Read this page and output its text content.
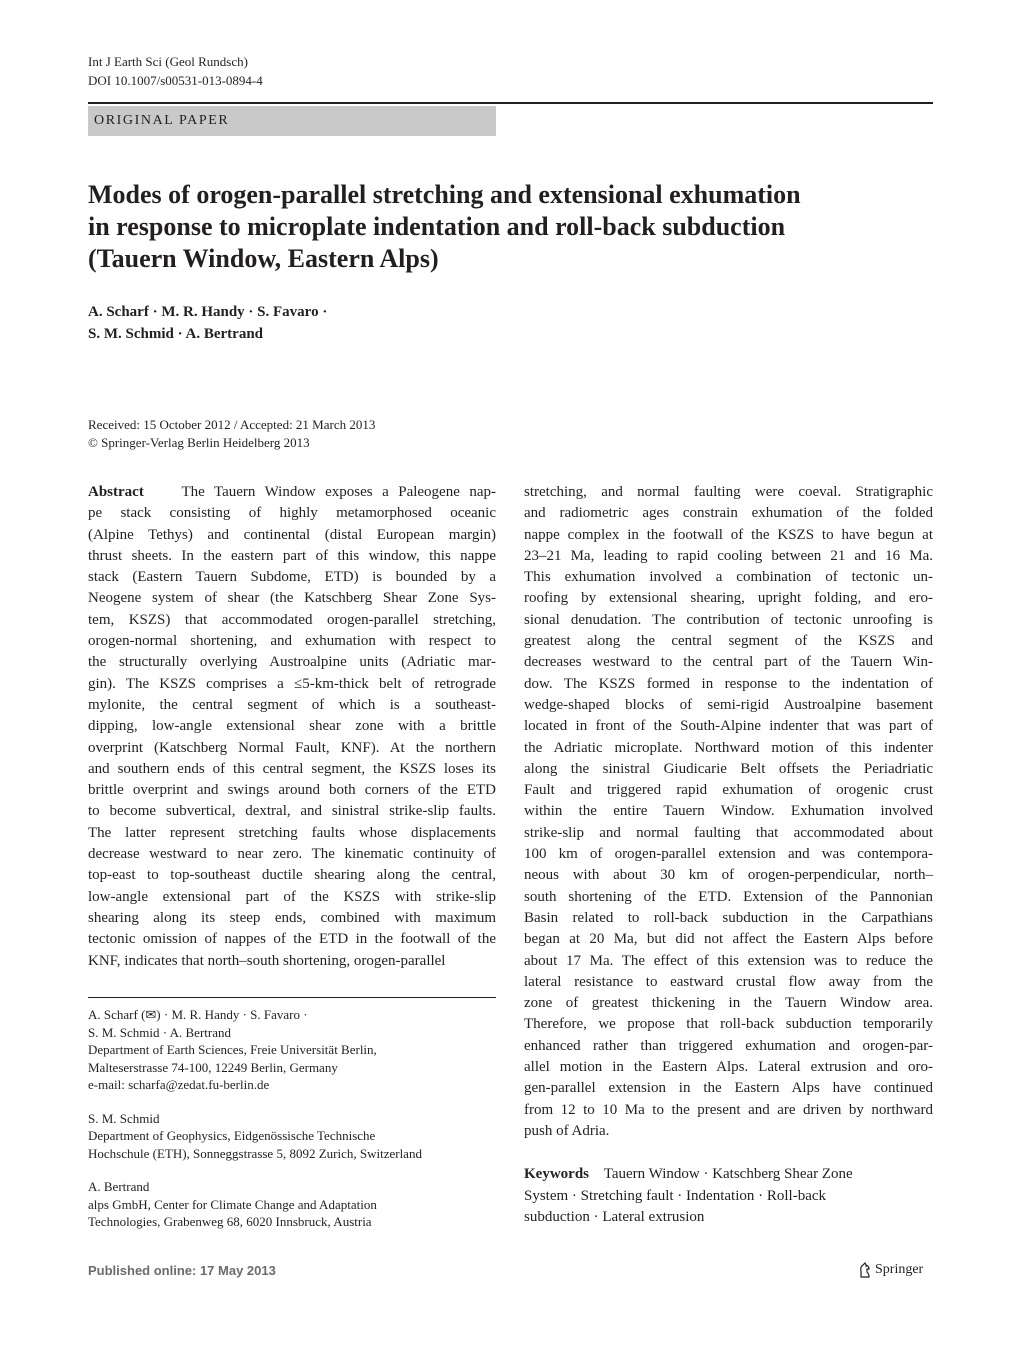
Int J Earth Sci (Geol Rundsch)
DOI 10.1007/s00531-013-0894-4
ORIGINAL PAPER
Modes of orogen-parallel stretching and extensional exhumation
in response to microplate indentation and roll-back subduction
(Tauern Window, Eastern Alps)
A. Scharf · M. R. Handy · S. Favaro ·
S. M. Schmid · A. Bertrand
Received: 15 October 2012 / Accepted: 21 March 2013
© Springer-Verlag Berlin Heidelberg 2013
Abstract	The Tauern Window exposes a Paleogene nap-
pe stack consisting of highly metamorphosed oceanic
(Alpine Tethys) and continental (distal European margin)
thrust sheets. In the eastern part of this window, this nappe
stack (Eastern Tauern Subdome, ETD) is bounded by a
Neogene system of shear (the Katschberg Shear Zone Sys-
tem, KSZS) that accommodated orogen-parallel stretching,
orogen-normal shortening, and exhumation with respect to
the structurally overlying Austroalpine units (Adriatic mar-
gin). The KSZS comprises a ≤5-km-thick belt of retrograde
mylonite, the central segment of which is a southeast-
dipping, low-angle extensional shear zone with a brittle
overprint (Katschberg Normal Fault, KNF). At the northern
and southern ends of this central segment, the KSZS loses its
brittle overprint and swings around both corners of the ETD
to become subvertical, dextral, and sinistral strike-slip faults.
The latter represent stretching faults whose displacements
decrease westward to near zero. The kinematic continuity of
top-east to top-southeast ductile shearing along the central,
low-angle extensional part of the KSZS with strike-slip
shearing along its steep ends, combined with maximum
tectonic omission of nappes of the ETD in the footwall of the
KNF, indicates that north–south shortening, orogen-parallel
stretching, and normal faulting were coeval. Stratigraphic
and radiometric ages constrain exhumation of the folded
nappe complex in the footwall of the KSZS to have begun at
23–21 Ma, leading to rapid cooling between 21 and 16 Ma.
This exhumation involved a combination of tectonic un-
roofing by extensional shearing, upright folding, and ero-
sional denudation. The contribution of tectonic unroofing is
greatest along the central segment of the KSZS and
decreases westward to the central part of the Tauern Win-
dow. The KSZS formed in response to the indentation of
wedge-shaped blocks of semi-rigid Austroalpine basement
located in front of the South-Alpine indenter that was part of
the Adriatic microplate. Northward motion of this indenter
along the sinistral Giudicarie Belt offsets the Periadriatic
Fault and triggered rapid exhumation of orogenic crust
within the entire Tauern Window. Exhumation involved
strike-slip and normal faulting that accommodated about
100 km of orogen-parallel extension and was contempora-
neous with about 30 km of orogen-perpendicular, north–
south shortening of the ETD. Extension of the Pannonian
Basin related to roll-back subduction in the Carpathians
began at 20 Ma, but did not affect the Eastern Alps before
about 17 Ma. The effect of this extension was to reduce the
lateral resistance to eastward crustal flow away from the
zone of greatest thickening in the Tauern Window area.
Therefore, we propose that roll-back subduction temporarily
enhanced rather than triggered exhumation and orogen-par-
allel motion in the Eastern Alps. Lateral extrusion and oro-
gen-parallel extension in the Eastern Alps have continued
from 12 to 10 Ma to the present and are driven by northward
push of Adria.
A. Scharf (✉) · M. R. Handy · S. Favaro ·
S. M. Schmid · A. Bertrand
Department of Earth Sciences, Freie Universität Berlin,
Malteserstrasse 74-100, 12249 Berlin, Germany
e-mail: scharfa@zedat.fu-berlin.de
S. M. Schmid
Department of Geophysics, Eidgenössische Technische
Hochschule (ETH), Sonneggstrasse 5, 8092 Zurich, Switzerland
A. Bertrand
alps GmbH, Center for Climate Change and Adaptation
Technologies, Grabenweg 68, 6020 Innsbruck, Austria
Keywords Tauern Window · Katschberg Shear Zone
System · Stretching fault · Indentation · Roll-back
subduction · Lateral extrusion
Published online: 17 May 2013	Springer
